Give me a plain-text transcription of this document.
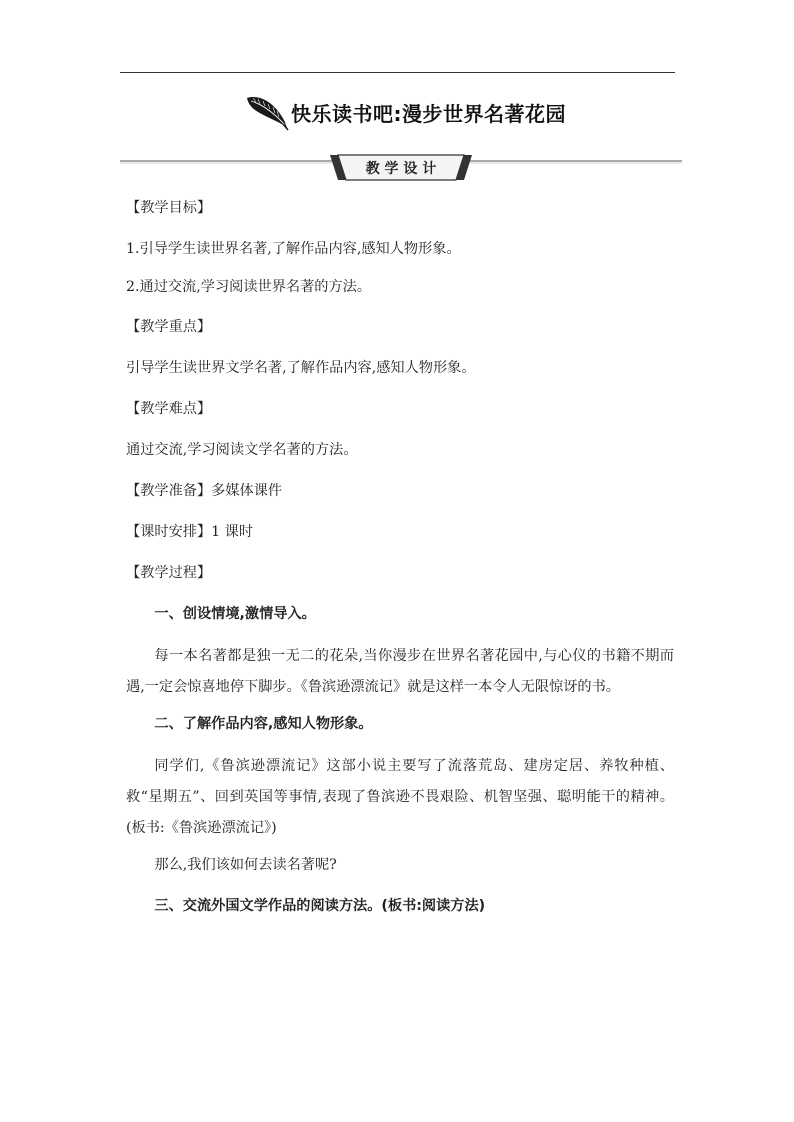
快乐读书吧:漫步世界名著花园
教 学 设 计

【教学目标】

1.引导学生读世界名著,了解作品内容,感知人物形象。

2.通过交流,学习阅读世界名著的方法。

【教学重点】

引导学生读世界文学名著,了解作品内容,感知人物形象。

【教学难点】

通过交流,学习阅读文学名著的方法。

【教学准备】多媒体课件

【课时安排】1 课时

【教学过程】

一、创设情境,激情导入。

每一本名著都是独一无二的花朵,当你漫步在世界名著花园中,与心仪的书籍不期而遇,一定会惊喜地停下脚步。《鲁滨逊漂流记》就是这样一本令人无限惊讶的书。

二、了解作品内容,感知人物形象。

同学们,《鲁滨逊漂流记》这部小说主要写了流落荒岛、建房定居、养牧种植、救“星期五”、回到英国等事情,表现了鲁滨逊不畏艰险、机智坚强、聪明能干的精神。(板书:《鲁滨逊漂流记》)

那么,我们该如何去读名著呢?

三、交流外国文学作品的阅读方法。(板书:阅读方法)
